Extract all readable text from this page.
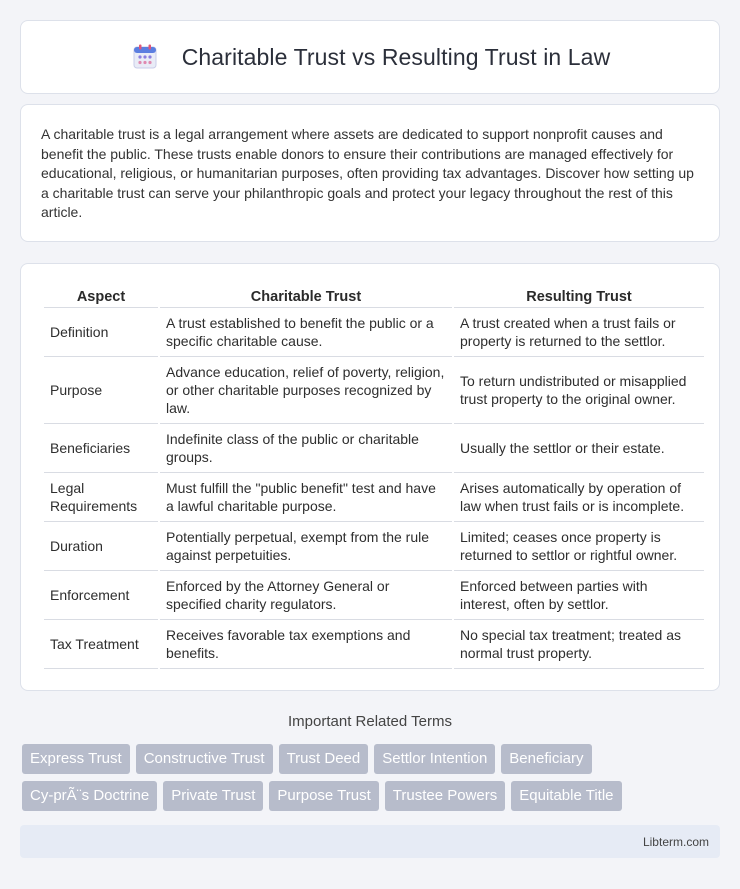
Charitable Trust vs Resulting Trust in Law

A charitable trust is a legal arrangement where assets are dedicated to support nonprofit causes and benefit the public. These trusts enable donors to ensure their contributions are managed effectively for educational, religious, or humanitarian purposes, often providing tax advantages. Discover how setting up a charitable trust can serve your philanthropic goals and protect your legacy throughout the rest of this article.

Aspect	Charitable Trust	Resulting Trust
Definition	A trust established to benefit the public or a specific charitable cause.	A trust created when a trust fails or property is returned to the settlor.
Purpose	Advance education, relief of poverty, religion, or other charitable purposes recognized by law.	To return undistributed or misapplied trust property to the original owner.
Beneficiaries	Indefinite class of the public or charitable groups.	Usually the settlor or their estate.
Legal Requirements	Must fulfill the "public benefit" test and have a lawful charitable purpose.	Arises automatically by operation of law when trust fails or is incomplete.
Duration	Potentially perpetual, exempt from the rule against perpetuities.	Limited; ceases once property is returned to settlor or rightful owner.
Enforcement	Enforced by the Attorney General or specified charity regulators.	Enforced between parties with interest, often by settlor.
Tax Treatment	Receives favorable tax exemptions and benefits.	No special tax treatment; treated as normal trust property.
Important Related Terms
Express Trust	Constructive Trust	Trust Deed	Settlor Intention	Beneficiary
Cy-prÃ¨s Doctrine	Private Trust	Purpose Trust	Trustee Powers	Equitable Title
Libterm.com
